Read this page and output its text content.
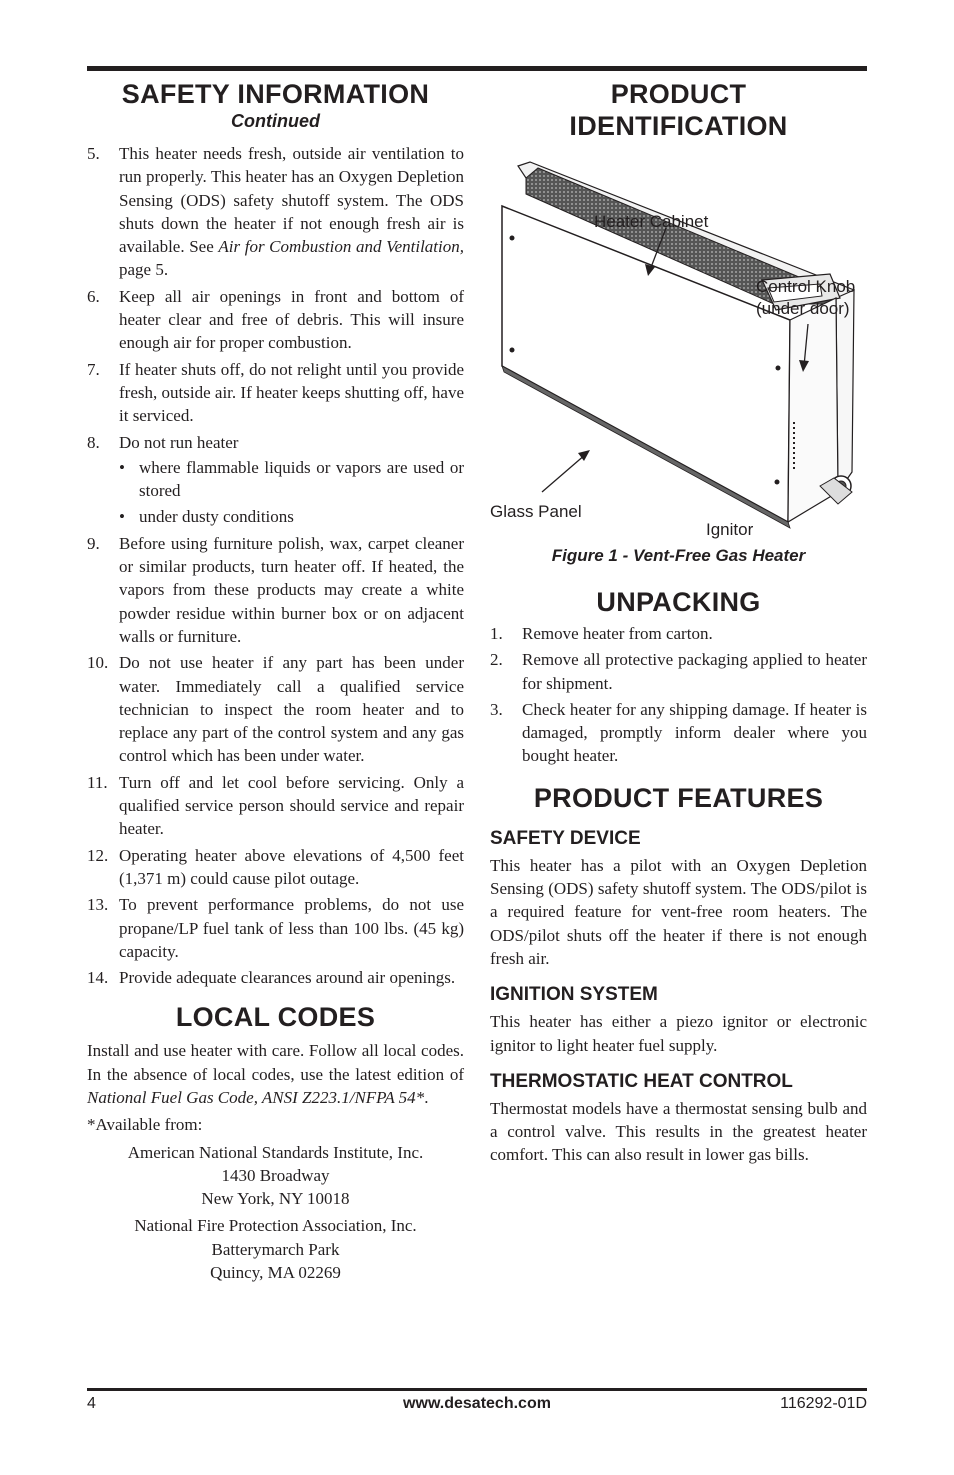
SAFETY INFORMATION
Continued
5. This heater needs fresh, outside air ventilation to run properly. This heater has an Oxygen Depletion Sensing (ODS) safety shutoff system. The ODS shuts down the heater if not enough fresh air is available. See Air for Combustion and Ventilation, page 5.
6. Keep all air openings in front and bottom of heater clear and free of debris. This will insure enough air for proper combustion.
7. If heater shuts off, do not relight until you provide fresh, outside air. If heater keeps shutting off, have it serviced.
8. Do not run heater
• where flammable liquids or vapors are used or stored
• under dusty conditions
9. Before using furniture polish, wax, carpet cleaner or similar products, turn heater off. If heated, the vapors from these products may create a white powder residue within burner box or on adjacent walls or furniture.
10. Do not use heater if any part has been under water. Immediately call a qualified service technician to inspect the room heater and to replace any part of the control system and any gas control which has been under water.
11. Turn off and let cool before servicing. Only a qualified service person should service and repair heater.
12. Operating heater above elevations of 4,500 feet (1,371 m) could cause pilot outage.
13. To prevent performance problems, do not use propane/LP fuel tank of less than 100 lbs. (45 kg) capacity.
14. Provide adequate clearances around air openings.
LOCAL CODES

Install and use heater with care. Follow all local codes. In the absence of local codes, use the latest edition of National Fuel Gas Code, ANSI Z223.1/NFPA 54*.

*Available from:

American National Standards Institute, Inc.
1430 Broadway
New York, NY 10018
National Fire Protection Association, Inc.
Batterymarch Park
Quincy, MA 02269
PRODUCT
IDENTIFICATION
Heater Cabinet
Control Knob
(under door)
Glass Panel
Ignitor
Figure 1 - Vent-Free Gas Heater
UNPACKING
1. Remove heater from carton.
2. Remove all protective packaging applied to heater for shipment.
3. Check heater for any shipping damage. If heater is damaged, promptly inform dealer where you bought heater.
PRODUCT FEATURES
SAFETY DEVICE

This heater has a pilot with an Oxygen Depletion Sensing (ODS) safety shutoff system. The ODS/pilot is a required feature for vent-free room heaters. The ODS/pilot shuts off the heater if there is not enough fresh air.

IGNITION SYSTEM

This heater has either a piezo ignitor or electronic ignitor to light heater fuel supply.

THERMOSTATIC HEAT CONTROL

Thermostat models have a thermostat sensing bulb and a control valve. This results in the greatest heater comfort. This can also result in lower gas bills.

4	www.desatech.com	116292-01D
